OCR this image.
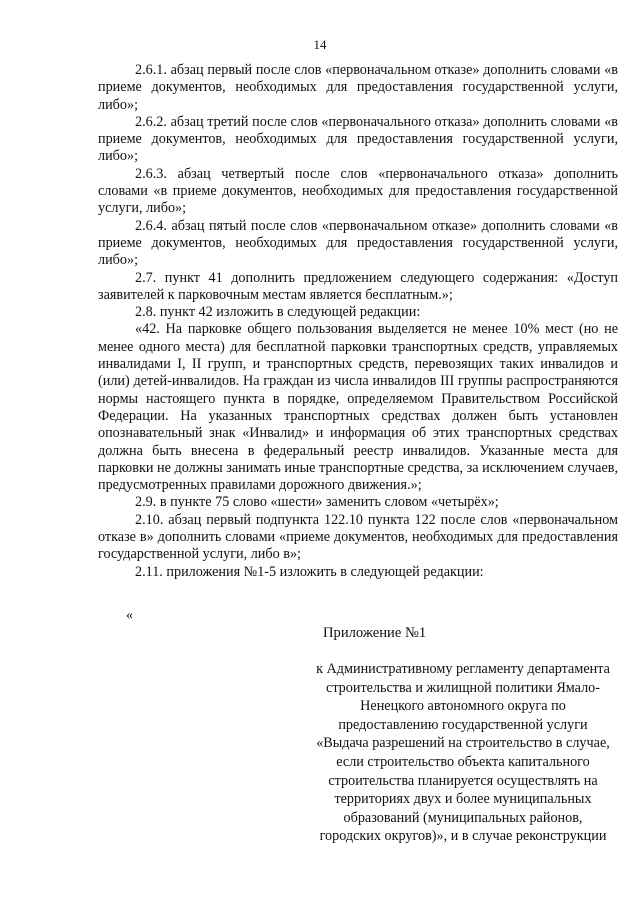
14

2.6.1. абзац первый после слов «первоначальном отказе» дополнить словами «в приеме документов, необходимых для предоставления государственной услуги, либо»;

2.6.2. абзац третий после слов «первоначального отказа» дополнить словами «в приеме документов, необходимых для предоставления государственной услуги, либо»;

2.6.3. абзац четвертый после слов «первоначального отказа» дополнить словами «в приеме документов, необходимых для предоставления государственной услуги, либо»;

2.6.4. абзац пятый после слов «первоначальном отказе» дополнить словами «в приеме документов, необходимых для предоставления государственной услуги, либо»;

2.7. пункт 41 дополнить предложением следующего содержания: «Доступ заявителей к парковочным местам является бесплатным.»;

2.8. пункт 42 изложить в следующей редакции:

«42. На парковке общего пользования выделяется не менее 10% мест (но не менее одного места) для бесплатной парковки транспортных средств, управляемых инвалидами I, II групп, и транспортных средств, перевозящих таких инвалидов и (или) детей-инвалидов. На граждан из числа инвалидов III группы распространяются нормы настоящего пункта в порядке, определяемом Правительством Российской Федерации. На указанных транспортных средствах должен быть установлен опознавательный знак «Инвалид» и информация об этих транспортных средствах должна быть внесена в федеральный реестр инвалидов. Указанные места для парковки не должны занимать иные транспортные средства, за исключением случаев, предусмотренных правилами дорожного движения.»;

2.9. в пункте 75 слово «шести» заменить словом «четырёх»;

2.10. абзац первый подпункта 122.10 пункта 122 после слов «первоначальном отказе в» дополнить словами «приеме документов, необходимых для предоставления государственной услуги, либо в»;

2.11. приложения №1-5 изложить в следующей редакции:

«
Приложение №1
к Административному регламенту департамента строительства и жилищной политики Ямало-Ненецкого автономного округа по предоставлению государственной услуги «Выдача разрешений на строительство в случае, если строительство объекта капитального строительства планируется осуществлять на территориях двух и более муниципальных образований (муниципальных районов, городских округов)», и в случае реконструкции
